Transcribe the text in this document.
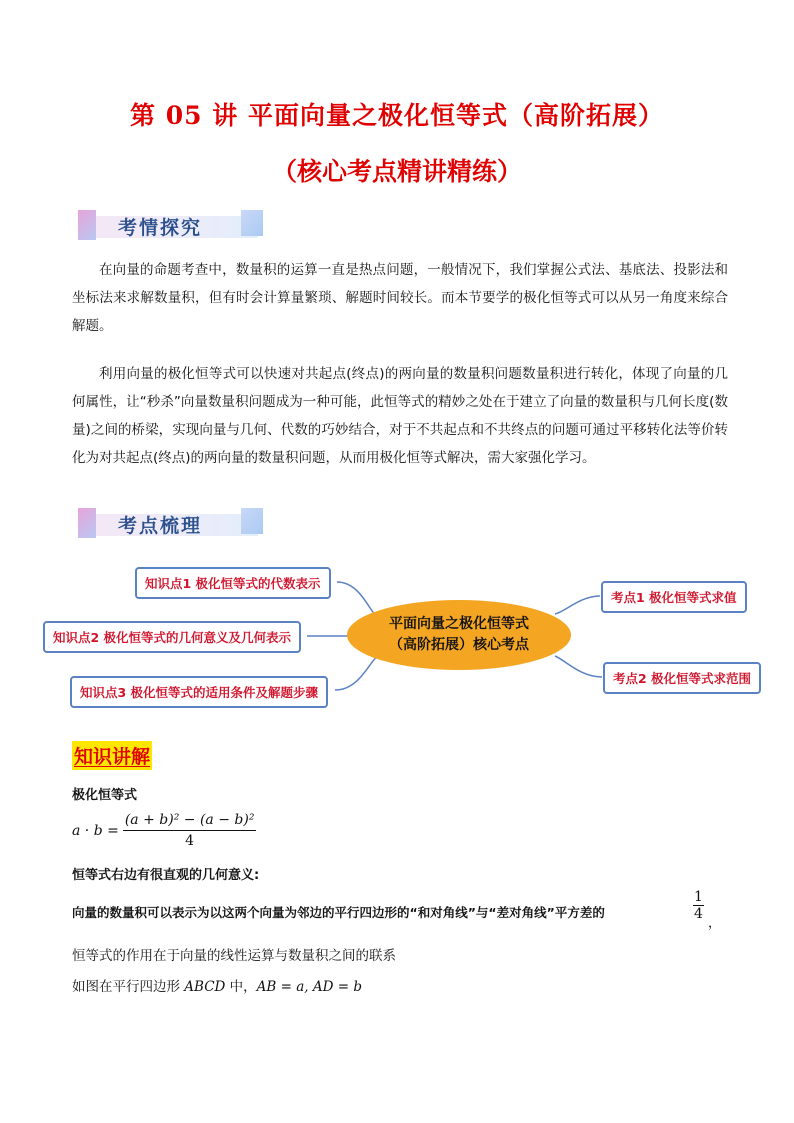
第 05 讲 平面向量之极化恒等式（高阶拓展）
（核心考点精讲精练）
考情探究
在向量的命题考查中，数量积的运算一直是热点问题，一般情况下，我们掌握公式法、基底法、投影法和坐标法来求解数量积，但有时会计算量繁琐、解题时间较长。而本节要学的极化恒等式可以从另一角度来综合解题。
利用向量的极化恒等式可以快速对共起点(终点)的两向量的数量积问题数量积进行转化，体现了向量的几何属性，让“秒杀”向量数量积问题成为一种可能，此恒等式的精妙之处在于建立了向量的数量积与几何长度(数量)之间的桥梁，实现向量与几何、代数的巧妙结合，对于不共起点和不共终点的问题可通过平移转化法等价转化为对共起点(终点)的两向量的数量积问题，从而用极化恒等式解决，需大家强化学习。
考点梳理
知识点1 极化恒等式的代数表示
知识点2 极化恒等式的几何意义及几何表示
知识点3 极化恒等式的适用条件及解题步骤
考点1 极化恒等式求值
考点2 极化恒等式求范围
平面向量之极化恒等式
（高阶拓展）核心考点
知识讲解
极化恒等式
$a \cdot b = \frac{\text{(a + b)² − (a − b)²}}{4}$
恒等式右边有很直观的几何意义:
向量的数量积可以表示为以这两个向量为邻边的平行四边形的“和对角线”与“差对角线”平方差的	$\frac{1}{4}$
，
恒等式的作用在于向量的线性运算与数量积之间的联系
如图在平行四边形 ABCD 中，AB = a, AD = b
